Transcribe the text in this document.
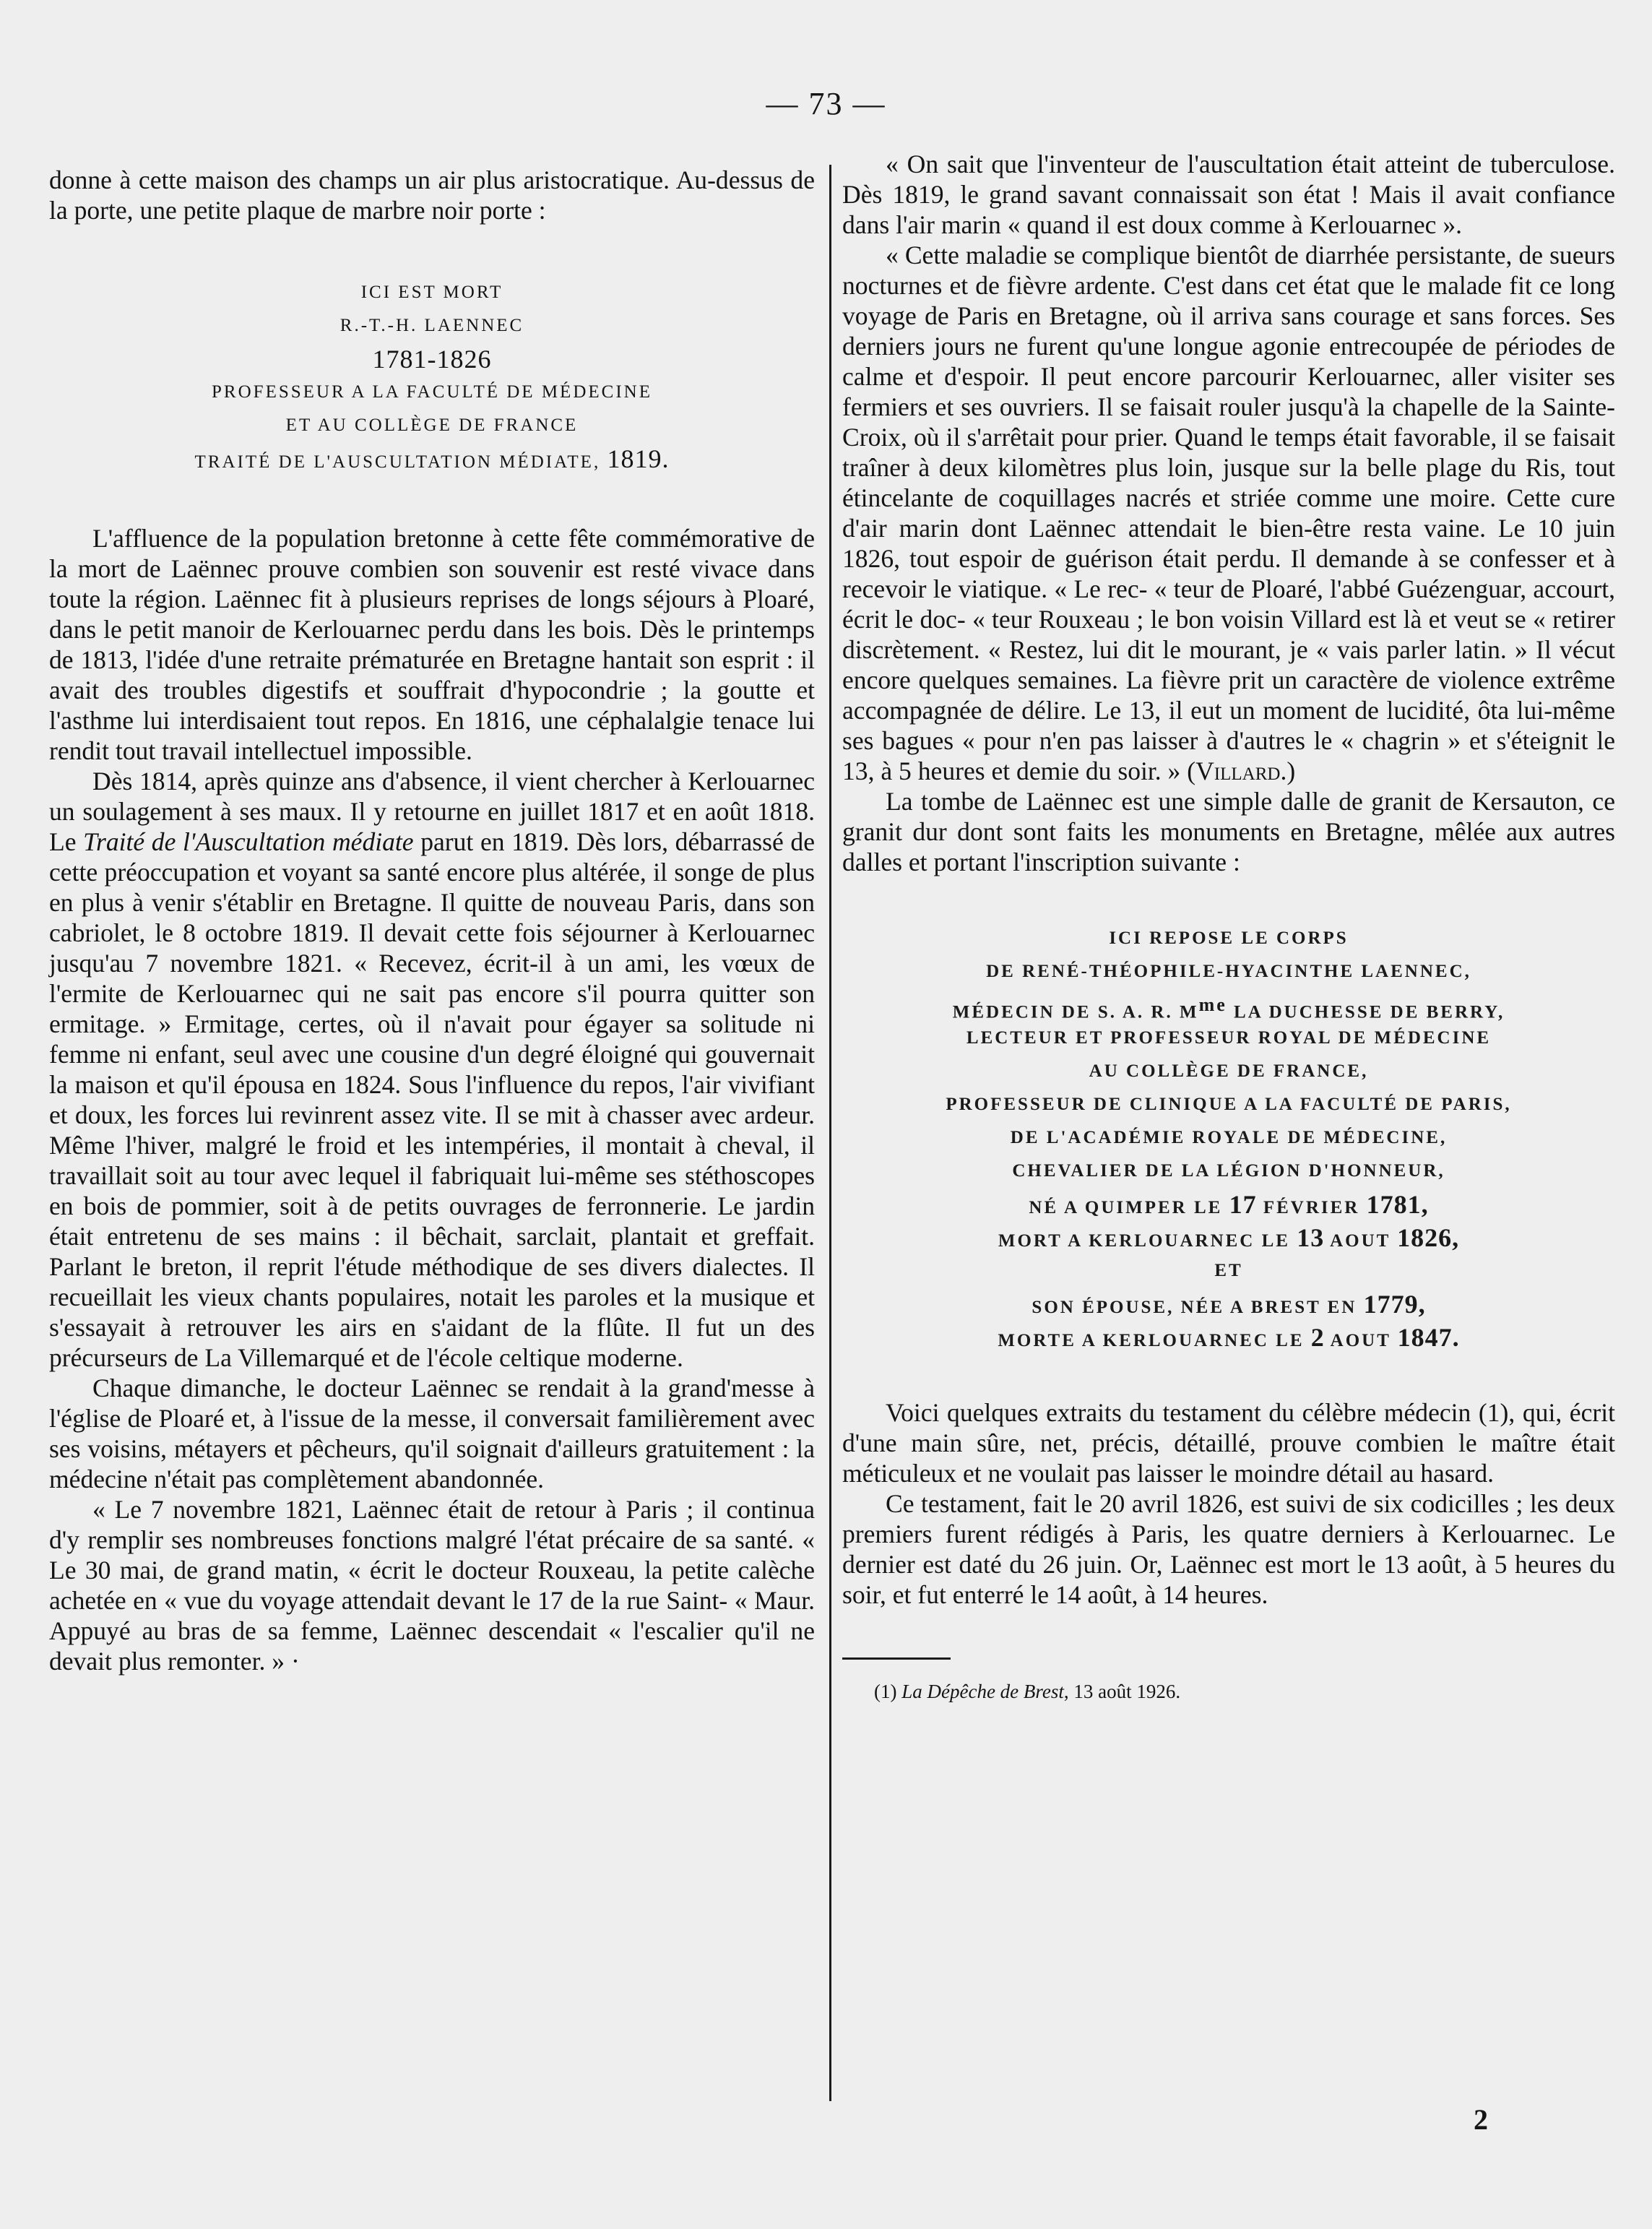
— 73 —

donne à cette maison des champs un air plus aristocratique. Au-dessus de la porte, une petite plaque de marbre noir porte :

ICI EST MORT
R.-T.-H. LAENNEC
1781-1826
PROFESSEUR A LA FACULTÉ DE MÉDECINE
ET AU COLLÈGE DE FRANCE
TRAITÉ DE L'AUSCULTATION MÉDIATE, 1819.

L'affluence de la population bretonne à cette fête commémorative de la mort de Laënnec prouve combien son souvenir est resté vivace dans toute la région. Laënnec fit à plusieurs reprises de longs séjours à Ploaré, dans le petit manoir de Kerlouarnec perdu dans les bois. Dès le printemps de 1813, l'idée d'une retraite prématurée en Bretagne hantait son esprit : il avait des troubles digestifs et souffrait d'hypocondrie ; la goutte et l'asthme lui interdisaient tout repos. En 1816, une céphalalgie tenace lui rendit tout travail intellectuel impossible.

Dès 1814, après quinze ans d'absence, il vient chercher à Kerlouarnec un soulagement à ses maux. Il y retourne en juillet 1817 et en août 1818. Le Traité de l'Auscultation médiate parut en 1819. Dès lors, débarrassé de cette préoccupation et voyant sa santé encore plus altérée, il songe de plus en plus à venir s'établir en Bretagne. Il quitte de nouveau Paris, dans son cabriolet, le 8 octobre 1819. Il devait cette fois séjourner à Kerlouarnec jusqu'au 7 novembre 1821. « Recevez, écrit-il à un ami, les vœux de l'ermite de Kerlouarnec qui ne sait pas encore s'il pourra quitter son ermitage. » Ermitage, certes, où il n'avait pour égayer sa solitude ni femme ni enfant, seul avec une cousine d'un degré éloigné qui gouvernait la maison et qu'il épousa en 1824. Sous l'influence du repos, l'air vivifiant et doux, les forces lui revinrent assez vite. Il se mit à chasser avec ardeur. Même l'hiver, malgré le froid et les intempéries, il montait à cheval, il travaillait soit au tour avec lequel il fabriquait lui-même ses stéthoscopes en bois de pommier, soit à de petits ouvrages de ferronnerie. Le jardin était entretenu de ses mains : il bêchait, sarclait, plantait et greffait. Parlant le breton, il reprit l'étude méthodique de ses divers dialectes. Il recueillait les vieux chants populaires, notait les paroles et la musique et s'essayait à retrouver les airs en s'aidant de la flûte. Il fut un des précurseurs de La Villemarqué et de l'école celtique moderne.

Chaque dimanche, le docteur Laënnec se rendait à la grand'messe à l'église de Ploaré et, à l'issue de la messe, il conversait familièrement avec ses voisins, métayers et pêcheurs, qu'il soignait d'ailleurs gratuitement : la médecine n'était pas complètement abandonnée.

« Le 7 novembre 1821, Laënnec était de retour à Paris ; il continua d'y remplir ses nombreuses fonctions malgré l'état précaire de sa santé. « Le 30 mai, de grand matin, « écrit le docteur Rouxeau, la petite calèche achetée en « vue du voyage attendait devant le 17 de la rue Saint- « Maur. Appuyé au bras de sa femme, Laënnec descendait « l'escalier qu'il ne devait plus remonter. » ·

« On sait que l'inventeur de l'auscultation était atteint de tuberculose. Dès 1819, le grand savant connaissait son état ! Mais il avait confiance dans l'air marin « quand il est doux comme à Kerlouarnec ».

« Cette maladie se complique bientôt de diarrhée persistante, de sueurs nocturnes et de fièvre ardente. C'est dans cet état que le malade fit ce long voyage de Paris en Bretagne, où il arriva sans courage et sans forces. Ses derniers jours ne furent qu'une longue agonie entrecoupée de périodes de calme et d'espoir. Il peut encore parcourir Kerlouarnec, aller visiter ses fermiers et ses ouvriers. Il se faisait rouler jusqu'à la chapelle de la Sainte-Croix, où il s'arrêtait pour prier. Quand le temps était favorable, il se faisait traîner à deux kilomètres plus loin, jusque sur la belle plage du Ris, tout étincelante de coquillages nacrés et striée comme une moire. Cette cure d'air marin dont Laënnec attendait le bien-être resta vaine. Le 10 juin 1826, tout espoir de guérison était perdu. Il demande à se confesser et à recevoir le viatique. « Le rec- « teur de Ploaré, l'abbé Guézenguar, accourt, écrit le doc- « teur Rouxeau ; le bon voisin Villard est là et veut se « retirer discrètement. « Restez, lui dit le mourant, je « vais parler latin. » Il vécut encore quelques semaines. La fièvre prit un caractère de violence extrême accompagnée de délire. Le 13, il eut un moment de lucidité, ôta lui-même ses bagues « pour n'en pas laisser à d'autres le « chagrin » et s'éteignit le 13, à 5 heures et demie du soir. » (Villard.)

La tombe de Laënnec est une simple dalle de granit de Kersauton, ce granit dur dont sont faits les monuments en Bretagne, mêlée aux autres dalles et portant l'inscription suivante :

ICI REPOSE LE CORPS
DE RENÉ-THÉOPHILE-HYACINTHE LAENNEC,
MÉDECIN DE S. A. R. $M^{me}$ LA DUCHESSE DE BERRY,
LECTEUR ET PROFESSEUR ROYAL DE MÉDECINE
AU COLLÈGE DE FRANCE,
PROFESSEUR DE CLINIQUE A LA FACULTÉ DE PARIS,
DE L'ACADÉMIE ROYALE DE MÉDECINE,
CHEVALIER DE LA LÉGION D'HONNEUR,
NÉ A QUIMPER LE 17 FÉVRIER 1781,
MORT A KERLOUARNEC LE 13 AOUT 1826,
ET
SON ÉPOUSE, NÉE A BREST EN 1779,
MORTE A KERLOUARNEC LE 2 AOUT 1847.

Voici quelques extraits du testament du célèbre médecin (1), qui, écrit d'une main sûre, net, précis, détaillé, prouve combien le maître était méticuleux et ne voulait pas laisser le moindre détail au hasard.

Ce testament, fait le 20 avril 1826, est suivi de six codicilles ; les deux premiers furent rédigés à Paris, les quatre derniers à Kerlouarnec. Le dernier est daté du 26 juin. Or, Laënnec est mort le 13 août, à 5 heures du soir, et fut enterré le 14 août, à 14 heures.

(1) La Dépêche de Brest, 13 août 1926.

2
